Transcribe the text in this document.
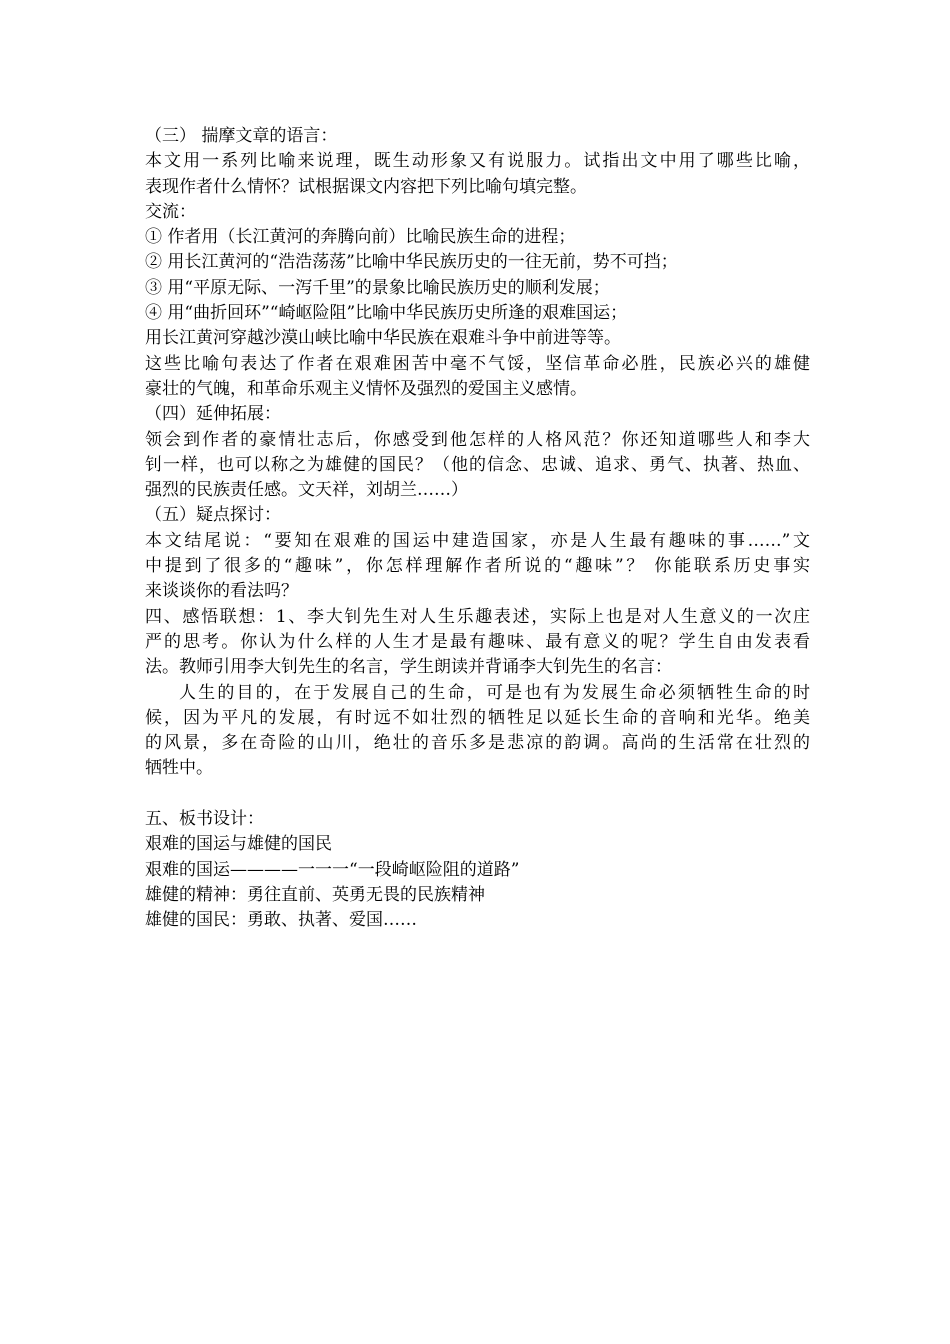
（三） 揣摩文章的语言：
本文用一系列比喻来说理，既生动形象又有说服力。试指出文中用了哪些比喻，
表现作者什么情怀？试根据课文内容把下列比喻句填完整。
交流：
① 作者用（长江黄河的奔腾向前）比喻民族生命的进程；
② 用长江黄河的“浩浩荡荡”比喻中华民族历史的一往无前，势不可挡；
③ 用“平原无际、一泻千里”的景象比喻民族历史的顺利发展；
④ 用“曲折回环”“崎岖险阻”比喻中华民族历史所逢的艰难国运；
用长江黄河穿越沙漠山峡比喻中华民族在艰难斗争中前进等等。
这些比喻句表达了作者在艰难困苦中毫不气馁，坚信革命必胜，民族必兴的雄健
豪壮的气魄，和革命乐观主义情怀及强烈的爱国主义感情。
（四）延伸拓展：
领会到作者的豪情壮志后，你感受到他怎样的人格风范？你还知道哪些人和李大
钊一样，也可以称之为雄健的国民？（他的信念、忠诚、追求、勇气、执著、热血、
强烈的民族责任感。文天祥，刘胡兰……）
（五）疑点探讨：
本文结尾说：“要知在艰难的国运中建造国家，亦是人生最有趣味的事……”文
中提到了很多的“趣味”，你怎样理解作者所说的“趣味”？ 你能联系历史事实
来谈谈你的看法吗？
四、感悟联想：1、李大钊先生对人生乐趣表述，实际上也是对人生意义的一次庄
严的思考。你认为什么样的人生才是最有趣味、最有意义的呢？学生自由发表看
法。教师引用李大钊先生的名言，学生朗读并背诵李大钊先生的名言：
人生的目的，在于发展自己的生命，可是也有为发展生命必须牺牲生命的时
候，因为平凡的发展，有时远不如壮烈的牺牲足以延长生命的音响和光华。绝美
的风景，多在奇险的山川，绝壮的音乐多是悲凉的韵调。高尚的生活常在壮烈的
牺牲中。
五、板书设计：
艰难的国运与雄健的国民
艰难的国运————一一一“一段崎岖险阻的道路”
雄健的精神：勇往直前、英勇无畏的民族精神
雄健的国民：勇敢、执著、爱国……
